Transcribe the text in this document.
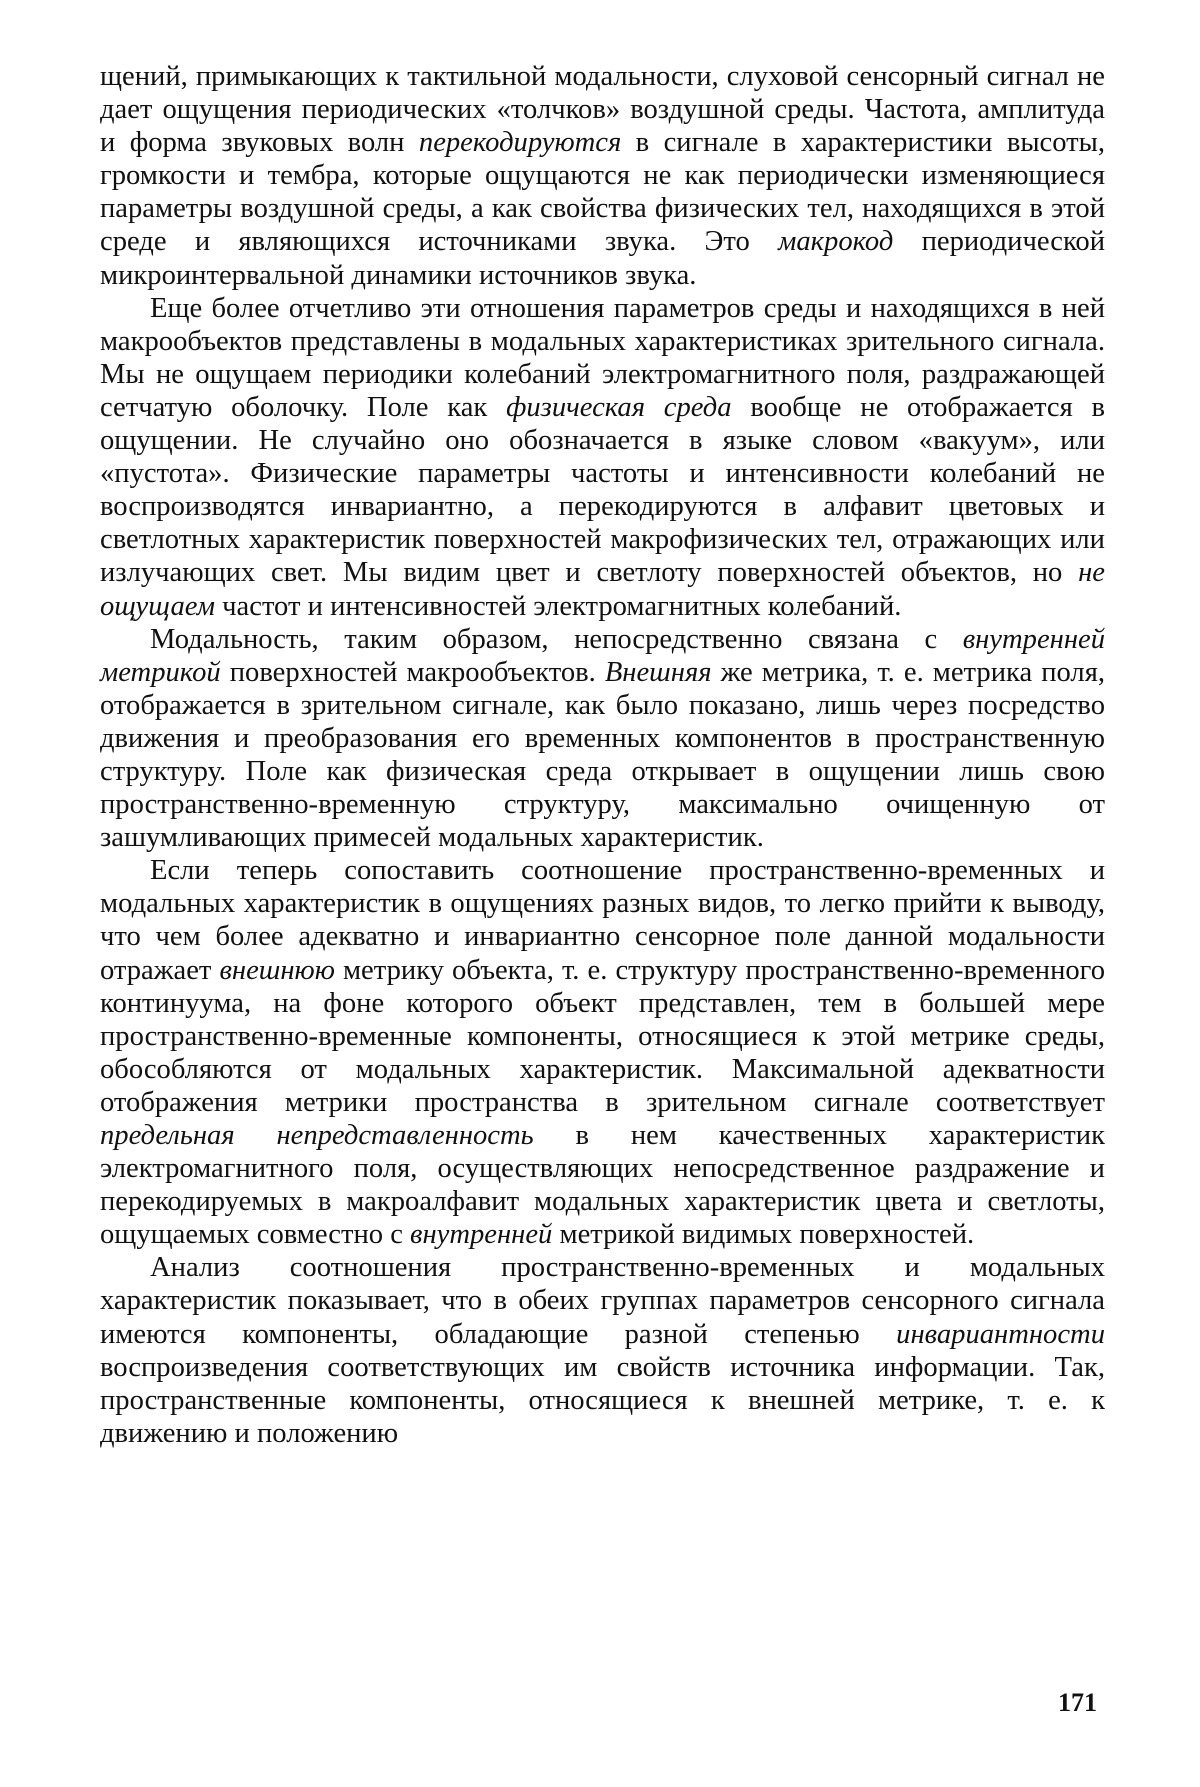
щений, примыкающих к тактильной модальности, слуховой сенсорный сигнал не дает ощущения периодических «толчков» воздушной среды. Частота, амплитуда и форма звуковых волн перекодируются в сигнале в характеристики высоты, громкости и тембра, которые ощущаются не как периодически изменяющиеся параметры воздушной среды, а как свойства физических тел, находящихся в этой среде и являющихся источниками звука. Это макрокод периодической микроинтервальной динамики источников звука.

Еще более отчетливо эти отношения параметров среды и находящихся в ней макрообъектов представлены в модальных характеристиках зрительного сигнала. Мы не ощущаем периодики колебаний электромагнитного поля, раздражающей сетчатую оболочку. Поле как физическая среда вообще не отображается в ощущении. Не случайно оно обозначается в языке словом «вакуум», или «пустота». Физические параметры частоты и интенсивности колебаний не воспроизводятся инвариантно, а перекодируются в алфавит цветовых и светлотных характеристик поверхностей макрофизических тел, отражающих или излучающих свет. Мы видим цвет и светлоту поверхностей объектов, но не ощущаем частот и интенсивностей электромагнитных колебаний.

Модальность, таким образом, непосредственно связана с внутренней метрикой поверхностей макрообъектов. Внешняя же метрика, т. е. метрика поля, отображается в зрительном сигнале, как было показано, лишь через посредство движения и преобразования его временных компонентов в пространственную структуру. Поле как физическая среда открывает в ощущении лишь свою пространственно-временную структуру, максимально очищенную от зашумливающих примесей модальных характеристик.

Если теперь сопоставить соотношение пространственно-временных и модальных характеристик в ощущениях разных видов, то легко прийти к выводу, что чем более адекватно и инвариантно сенсорное поле данной модальности отражает внешнюю метрику объекта, т. е. структуру пространственно-временного континуума, на фоне которого объект представлен, тем в большей мере пространственно-временные компоненты, относящиеся к этой метрике среды, обособляются от модальных характеристик. Максимальной адекватности отображения метрики пространства в зрительном сигнале соответствует предельная непредставленность в нем качественных характеристик электромагнитного поля, осуществляющих непосредственное раздражение и перекодируемых в макроалфавит модальных характеристик цвета и светлоты, ощущаемых совместно с внутренней метрикой видимых поверхностей.

Анализ соотношения пространственно-временных и модальных характеристик показывает, что в обеих группах параметров сенсорного сигнала имеются компоненты, обладающие разной степенью инвариантности воспроизведения соответствующих им свойств источника информации. Так, пространственные компоненты, относящиеся к внешней метрике, т. е. к движению и положению

171
